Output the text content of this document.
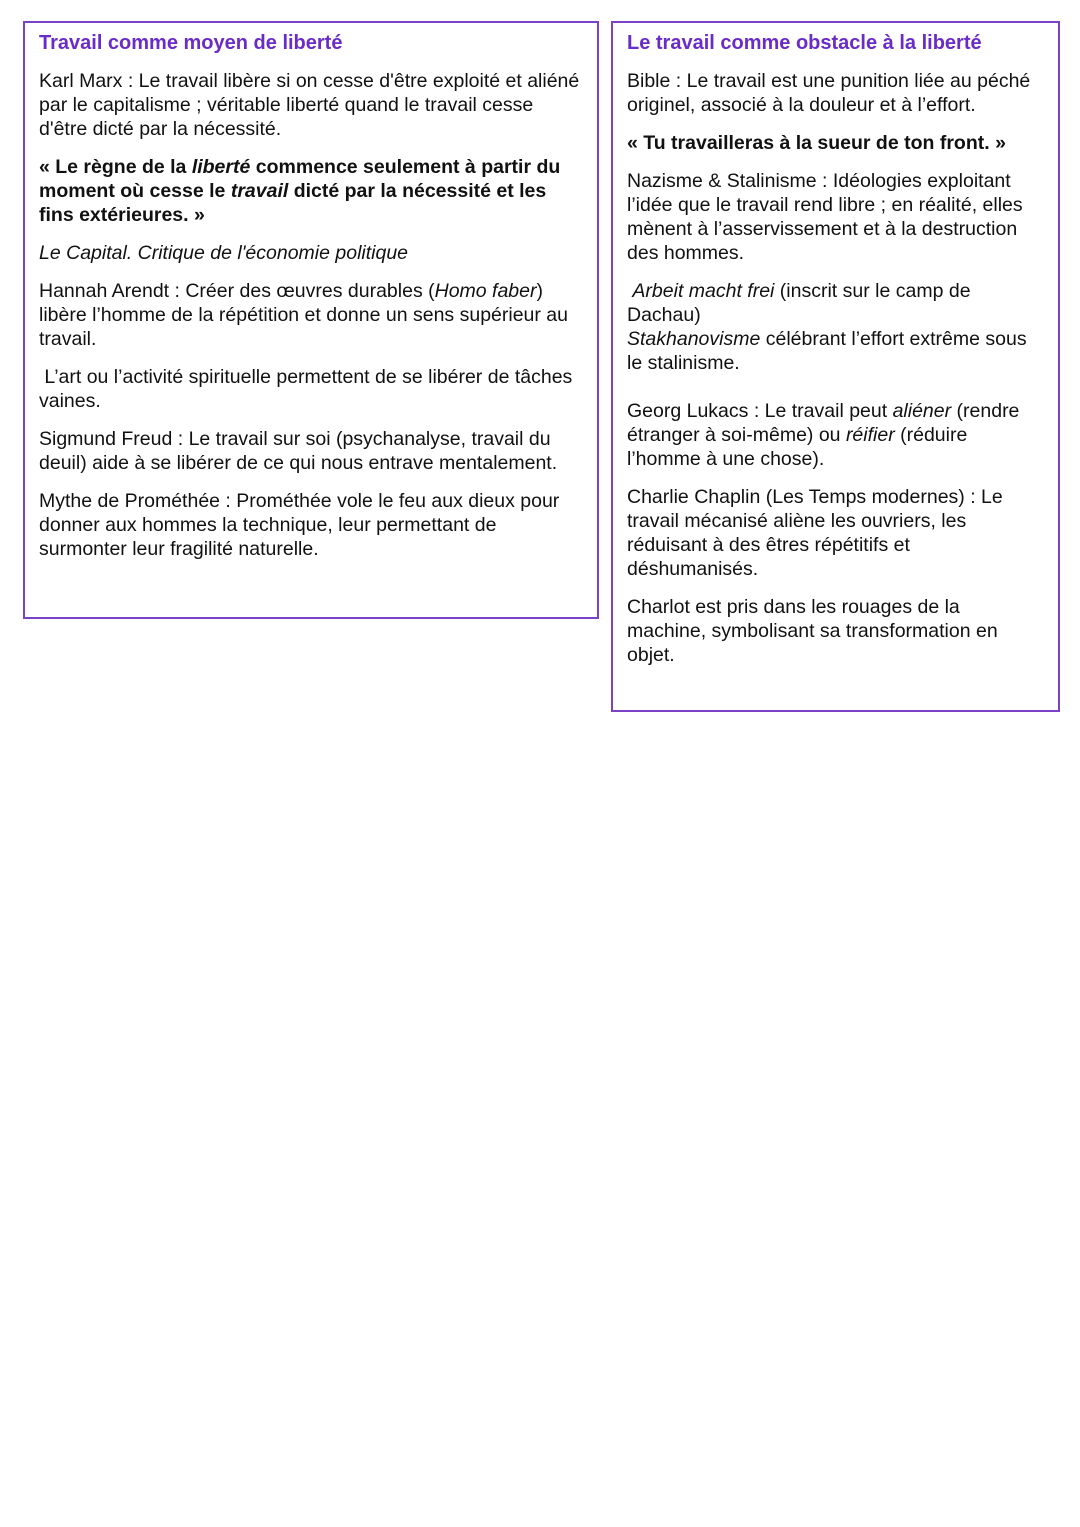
Travail comme moyen de liberté

Karl Marx : Le travail libère si on cesse d'être exploité et aliéné par le capitalisme ; véritable liberté quand le travail cesse d'être dicté par la nécessité.

« Le règne de la liberté commence seulement à partir du moment où cesse le travail dicté par la nécessité et les fins extérieures. »

Le Capital. Critique de l'économie politique

Hannah Arendt : Créer des œuvres durables (Homo faber) libère l’homme de la répétition et donne un sens supérieur au travail.

L’art ou l’activité spirituelle permettent de se libérer de tâches vaines.

Sigmund Freud : Le travail sur soi (psychanalyse, travail du deuil) aide à se libérer de ce qui nous entrave mentalement.

Mythe de Prométhée : Prométhée vole le feu aux dieux pour donner aux hommes la technique, leur permettant de surmonter leur fragilité naturelle.

Le travail comme obstacle à la liberté

Bible : Le travail est une punition liée au péché originel, associé à la douleur et à l’effort.

« Tu travailleras à la sueur de ton front. »

Nazisme & Stalinisme : Idéologies exploitant l’idée que le travail rend libre ; en réalité, elles mènent à l’asservissement et à la destruction des hommes.

Arbeit macht frei (inscrit sur le camp de Dachau)
Stakhanovisme célébrant l’effort extrême sous le stalinisme.

Georg Lukacs : Le travail peut aliéner (rendre étranger à soi-même) ou réifier (réduire l’homme à une chose).

Charlie Chaplin (Les Temps modernes) : Le travail mécanisé aliène les ouvriers, les réduisant à des êtres répétitifs et déshumanisés.

Charlot est pris dans les rouages de la machine, symbolisant sa transformation en objet.
